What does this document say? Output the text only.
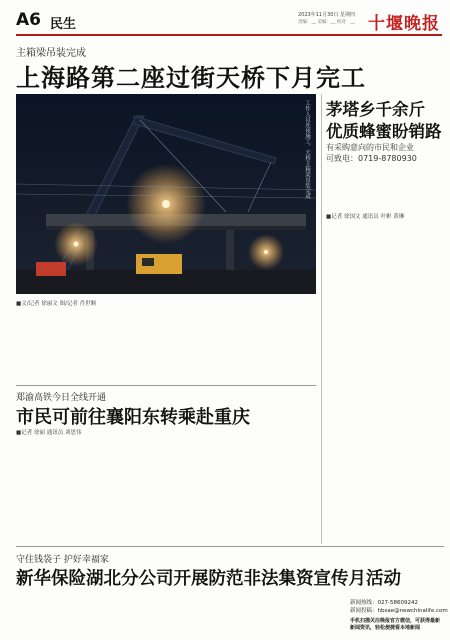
A6 民生
2023年11月30日 星期四
责编：__ 美编：__ 校对：__ 十堰晚报
主箱梁吊装完成
上海路第二座过街天桥下月完工
工作人员连夜施工，天桥主箱梁吊装完成
■文/记者 徐丽文 图/记者 肖世顺
郑渝高铁今日全线开通
市民可前往襄阳东转乘赴重庆
■记者 徐丽 通讯员 刘思伟
茅塔乡千余斤
优质蜂蜜盼销路
有采购意向的市民和企业
可致电：0719-8780930
■记者 徐国文 通讯员 叶彬 黄琳
守住钱袋子 护好幸福家
新华保险湖北分公司开展防范非法集资宣传月活动
新闻热线：027-58609242
新闻投稿：hbsae@newchinalife.com
手机扫描关注晚报官方微信，可获得最新新闻资讯，轻松便捷看本地新闻
